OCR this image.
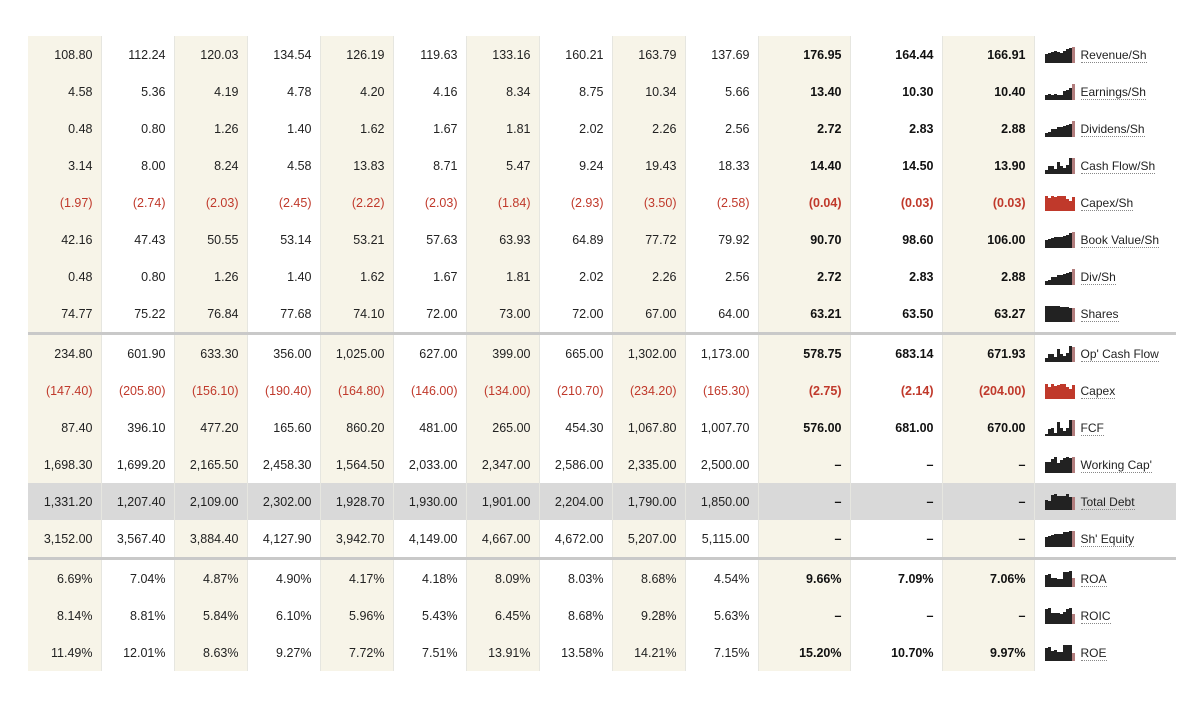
108.80	112.24	120.03	134.54	126.19	119.63	133.16	160.21	163.79	137.69	176.95	164.44	166.91	Revenue/Sh
4.58	5.36	4.19	4.78	4.20	4.16	8.34	8.75	10.34	5.66	13.40	10.30	10.40	Earnings/Sh
0.48	0.80	1.26	1.40	1.62	1.67	1.81	2.02	2.26	2.56	2.72	2.83	2.88	Dividens/Sh
3.14	8.00	8.24	4.58	13.83	8.71	5.47	9.24	19.43	18.33	14.40	14.50	13.90	Cash Flow/Sh
(1.97)	(2.74)	(2.03)	(2.45)	(2.22)	(2.03)	(1.84)	(2.93)	(3.50)	(2.58)	(0.04)	(0.03)	(0.03)	Capex/Sh
42.16	47.43	50.55	53.14	53.21	57.63	63.93	64.89	77.72	79.92	90.70	98.60	106.00	Book Value/Sh
0.48	0.80	1.26	1.40	1.62	1.67	1.81	2.02	2.26	2.56	2.72	2.83	2.88	Div/Sh
74.77	75.22	76.84	77.68	74.10	72.00	73.00	72.00	67.00	64.00	63.21	63.50	63.27	Shares
234.80	601.90	633.30	356.00	1,025.00	627.00	399.00	665.00	1,302.00	1,173.00	578.75	683.14	671.93	Op' Cash Flow
(147.40)	(205.80)	(156.10)	(190.40)	(164.80)	(146.00)	(134.00)	(210.70)	(234.20)	(165.30)	(2.75)	(2.14)	(204.00)	Capex
87.40	396.10	477.20	165.60	860.20	481.00	265.00	454.30	1,067.80	1,007.70	576.00	681.00	670.00	FCF
1,698.30	1,699.20	2,165.50	2,458.30	1,564.50	2,033.00	2,347.00	2,586.00	2,335.00	2,500.00	–	–	–	Working Cap'
1,331.20	1,207.40	2,109.00	2,302.00	1,928.70	1,930.00	1,901.00	2,204.00	1,790.00	1,850.00	–	–	–	Total Debt
3,152.00	3,567.40	3,884.40	4,127.90	3,942.70	4,149.00	4,667.00	4,672.00	5,207.00	5,115.00	–	–	–	Sh' Equity
6.69%	7.04%	4.87%	4.90%	4.17%	4.18%	8.09%	8.03%	8.68%	4.54%	9.66%	7.09%	7.06%	ROA
8.14%	8.81%	5.84%	6.10%	5.96%	5.43%	6.45%	8.68%	9.28%	5.63%	–	–	–	ROIC
11.49%	12.01%	8.63%	9.27%	7.72%	7.51%	13.91%	13.58%	14.21%	7.15%	15.20%	10.70%	9.97%	ROE
